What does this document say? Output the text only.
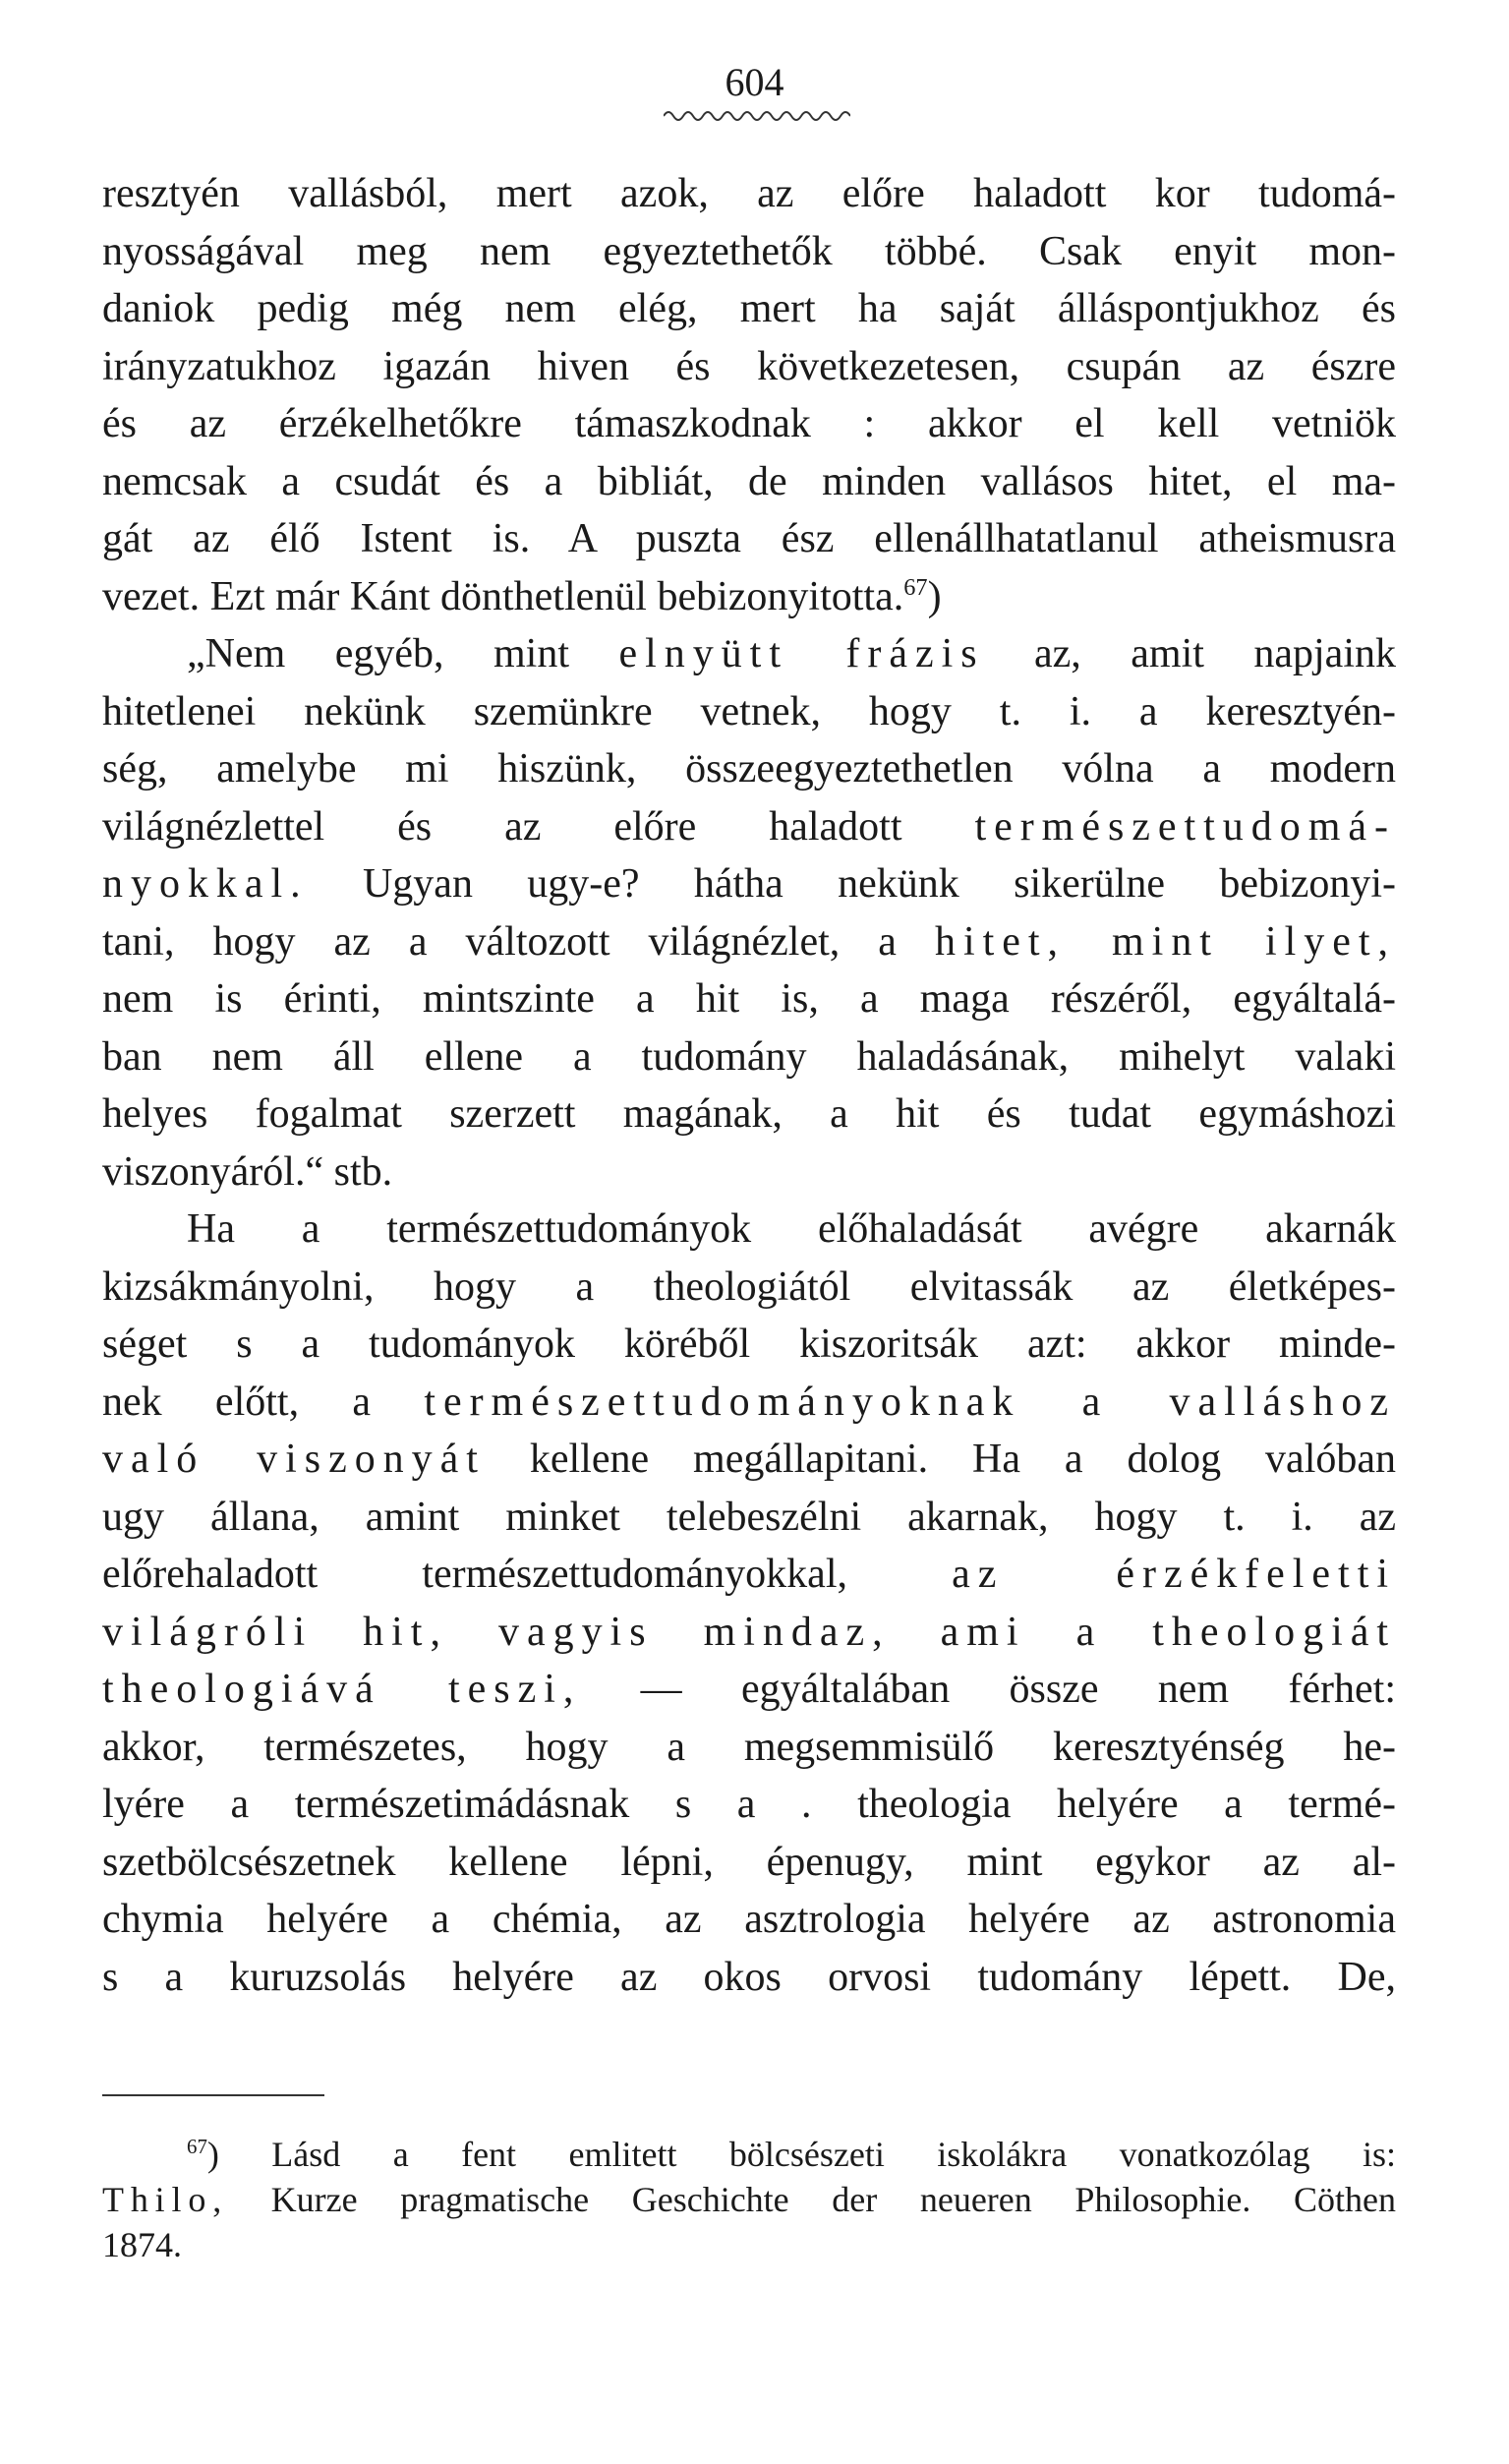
604
resztyén vallásból, mert azok, az előre haladott kor tudomá-
nyosságával meg nem egyeztethetők többé. Csak enyit mon-
daniok pedig még nem elég, mert ha saját álláspontjukhoz és
irányzatukhoz igazán hiven és következetesen, csupán az észre
és az érzékelhetőkre támaszkodnak : akkor el kell vetniök
nemcsak a csudát és a bibliát, de minden vallásos hitet, el ma-
gát az élő Istent is. A puszta ész ellenállhatatlanul atheismusra
vezet. Ezt már Kánt dönthetlenül bebizonyitotta.$^{67}$)
„Nem egyéb, mint elnyütt frázis az, amit napjaink
hitetlenei nekünk szemünkre vetnek, hogy t. i. a keresztyén-
ség, amelybe mi hiszünk, összeegyeztethetlen vólna a modern
világnézlettel és az előre haladott természettudomá-
nyokkal. Ugyan ugy-e? hátha nekünk sikerülne bebizonyi-
tani, hogy az a változott világnézlet, a hitet, mint ilyet,
nem is érinti, mintszinte a hit is, a maga részéről, egyáltalá-
ban nem áll ellene a tudomány haladásának, mihelyt valaki
helyes fogalmat szerzett magának, a hit és tudat egymáshozi
viszonyáról.“ stb.
Ha a természettudományok előhaladását avégre akarnák
kizsákmányolni, hogy a theologiától elvitassák az életképes-
séget s a tudományok köréből kiszoritsák azt: akkor minde-
nek előtt, a természettudományoknak a valláshoz
való viszonyát kellene megállapitani. Ha a dolog valóban
ugy állana, amint minket telebeszélni akarnak, hogy t. i. az
előrehaladott természettudományokkal, az érzékfeletti
világróli hit, vagyis mindaz, ami a theologiát
theologiává teszi, — egyáltalában össze nem férhet:
akkor, természetes, hogy a megsemmisülő keresztyénség he-
lyére a természetimádásnak s a . theologia helyére a termé-
szetbölcsészetnek kellene lépni, épenugy, mint egykor az al-
chymia helyére a chémia, az asztrologia helyére az astronomia
s a kuruzsolás helyére az okos orvosi tudomány lépett. De,
$^{67}$) Lásd a fent emlitett bölcsészeti iskolákra vonatkozólag is:
Thilo, Kurze pragmatische Geschichte der neueren Philosophie. Cöthen
1874.
